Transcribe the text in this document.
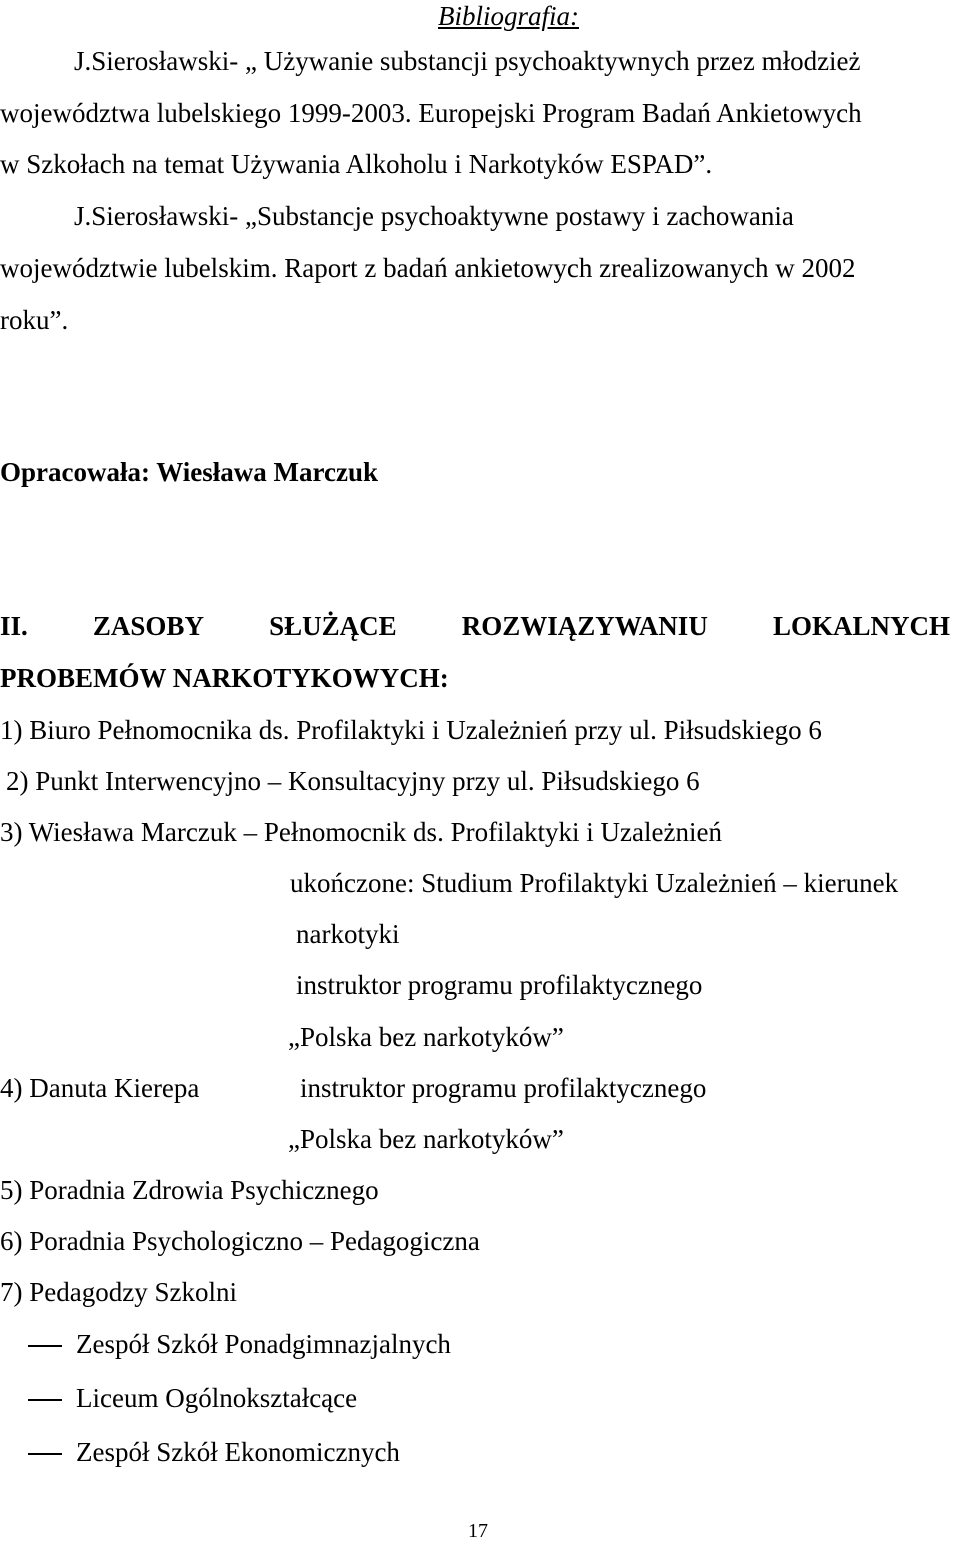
Bibliografia:
J.Sierosławski- „ Używanie substancji psychoaktywnych przez młodzież
województwa lubelskiego 1999-2003. Europejski Program Badań Ankietowych
w Szkołach na temat Używania Alkoholu i Narkotyków ESPAD”.
J.Sierosławski- „Substancje psychoaktywne postawy i zachowania
województwie lubelskim. Raport z badań ankietowych zrealizowanych w 2002
roku”.
Opracowała: Wiesława Marczuk
II. ZASOBY SŁUŻĄCE ROZWIĄZYWANIU LOKALNYCH
PROBEMÓW NARKOTYKOWYCH:
1) Biuro Pełnomocnika ds. Profilaktyki i Uzależnień przy ul. Piłsudskiego 6
2) Punkt Interwencyjno – Konsultacyjny przy ul. Piłsudskiego 6
3) Wiesława Marczuk – Pełnomocnik ds. Profilaktyki i Uzależnień
ukończone: Studium Profilaktyki Uzależnień – kierunek
narkotyki
instruktor programu profilaktycznego
„Polska bez narkotyków”
4) Danuta Kierepa	instruktor programu profilaktycznego
„Polska bez narkotyków”
5) Poradnia Zdrowia Psychicznego
6) Poradnia Psychologiczno – Pedagogiczna
7) Pedagodzy Szkolni
Zespół Szkół Ponadgimnazjalnych
Liceum Ogólnokształcące
Zespół Szkół Ekonomicznych
17
